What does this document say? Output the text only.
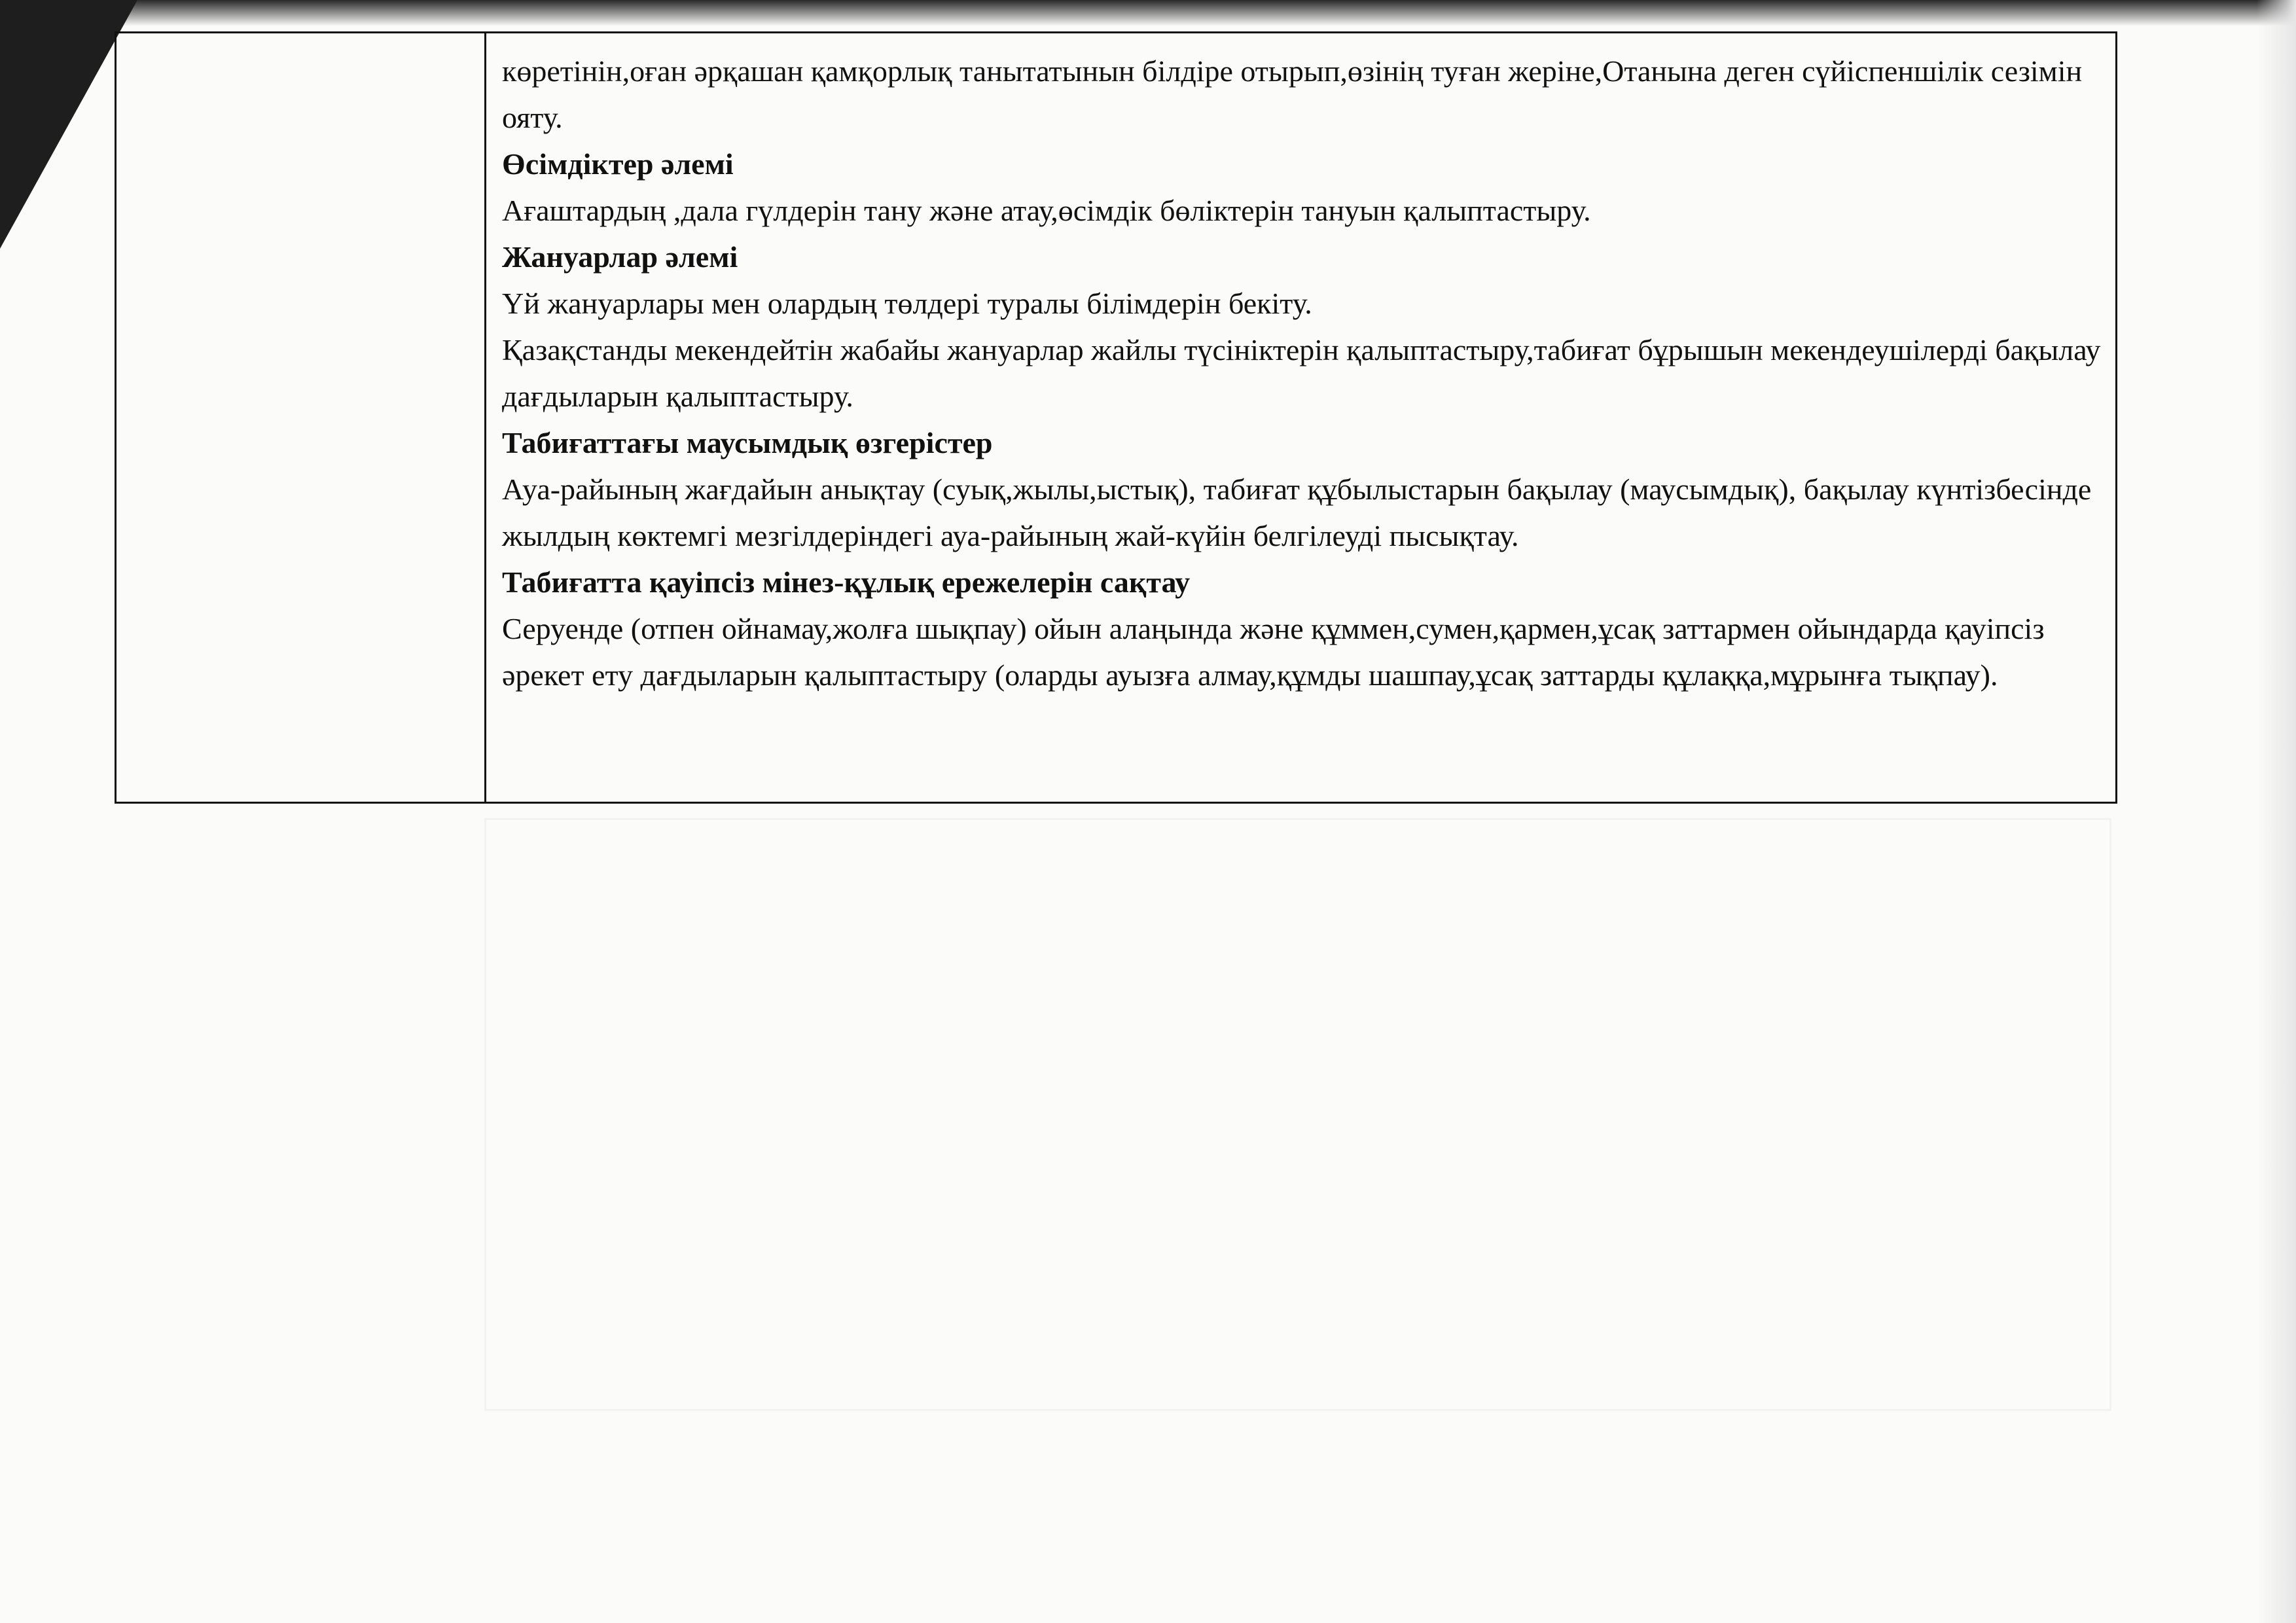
көретінін,оған әрқашан қамқорлық танытатынын білдіре отырып,өзінің туған жеріне,Отанына деген сүйіспеншілік сезімін ояту.

Өсімдіктер әлемі

Ағаштардың ,дала гүлдерін тану және атау,өсімдік бөліктерін тануын қалыптастыру.

Жануарлар әлемі

Үй жануарлары мен олардың төлдері туралы білімдерін бекіту.

Қазақстанды мекендейтін жабайы жануарлар жайлы түсініктерін қалыптастыру,табиғат бұрышын мекендеушілерді бақылау дағдыларын қалыптастыру.

Табиғаттағы маусымдық өзгерістер

Ауа-райының жағдайын анықтау (суық,жылы,ыстық), табиғат құбылыстарын бақылау (маусымдық), бақылау күнтізбесінде жылдың көктемгі мезгілдеріндегі ауа-райының жай-күйін белгілеуді пысықтау.

Табиғатта қауіпсіз мінез-құлық ережелерін сақтау

Серуенде (отпен ойнамау,жолға шықпау) ойын алаңында және құммен,сумен,қармен,ұсақ заттармен ойындарда қауіпсіз әрекет ету дағдыларын қалыптастыру (оларды ауызға алмау,құмды шашпау,ұсақ заттарды құлаққа,мұрынға тықпау).
